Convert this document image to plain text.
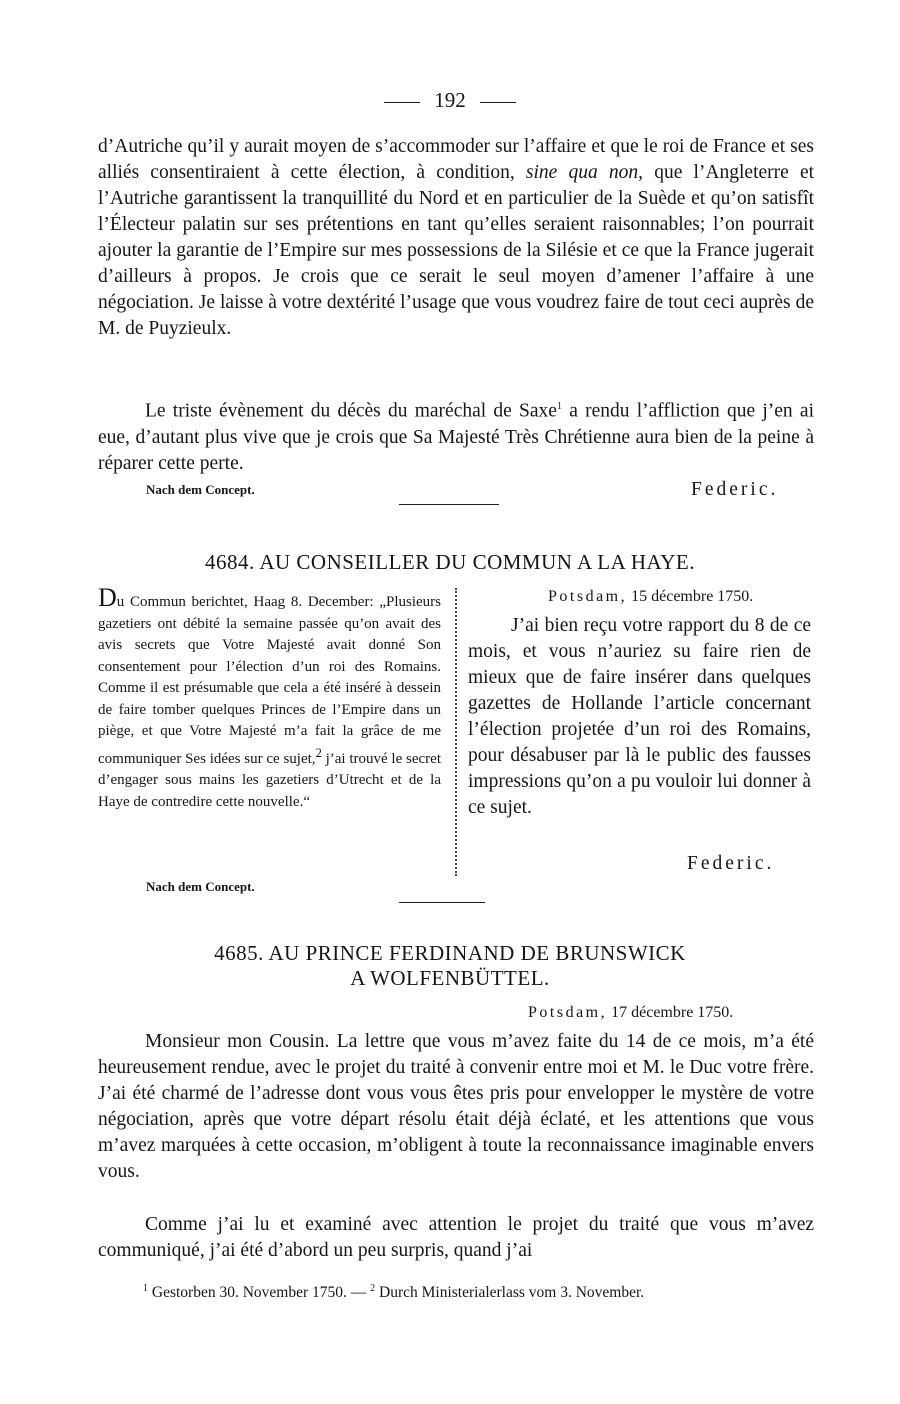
192
d’Autriche qu’il y aurait moyen de s’accommoder sur l’affaire et que le roi de France et ses alliés consentiraient à cette élection, à condition, sine qua non, que l’Angleterre et l’Autriche garantissent la tranquillité du Nord et en particulier de la Suède et qu’on satisfît l’Électeur palatin sur ses prétentions en tant qu’elles seraient raisonnables; l’on pourrait ajouter la garantie de l’Empire sur mes possessions de la Silésie et ce que la France jugerait d’ailleurs à propos. Je crois que ce serait le seul moyen d’amener l’affaire à une négociation. Je laisse à votre dextérité l’usage que vous voudrez faire de tout ceci auprès de M. de Puyzieulx.
Le triste évènement du décès du maréchal de Saxe$^1$ a rendu l’affliction que j’en ai eue, d’autant plus vive que je crois que Sa Majesté Très Chrétienne aura bien de la peine à réparer cette perte.
Nach dem Concept.	Federic.
4684. AU CONSEILLER DU COMMUN A LA HAYE.
Du Commun berichtet, Haag 8. December: „Plusieurs gazetiers ont débité la semaine passée qu’on avait des avis secrets que Votre Majesté avait donné Son consentement pour l’élection d’un roi des Romains. Comme il est présumable que cela a été inséré à dessein de faire tomber quelques Princes de l’Empire dans un piège, et que Votre Majesté m’a fait la grâce de me communiquer Ses idées sur ce sujet,$^2$ j’ai trouvé le secret d’engager sous mains les gazetiers d’Utrecht et de la Haye de contredire cette nouvelle.“
Potsdam, 15 décembre 1750.
J’ai bien reçu votre rapport du 8 de ce mois, et vous n’auriez su faire rien de mieux que de faire insérer dans quelques gazettes de Hollande l’article concernant l’élection projetée d’un roi des Romains, pour désabuser par là le public des fausses impressions qu’on a pu vouloir lui donner à ce sujet.
Federic.
Nach dem Concept.
4685. AU PRINCE FERDINAND DE BRUNSWICK
A WOLFENBÜTTEL.
Potsdam, 17 décembre 1750.
Monsieur mon Cousin. La lettre que vous m’avez faite du 14 de ce mois, m’a été heureusement rendue, avec le projet du traité à convenir entre moi et M. le Duc votre frère. J’ai été charmé de l’adresse dont vous vous êtes pris pour envelopper le mystère de votre négociation, après que votre départ résolu était déjà éclaté, et les attentions que vous m’avez marquées à cette occasion, m’obligent à toute la reconnaissance imaginable envers vous.
Comme j’ai lu et examiné avec attention le projet du traité que vous m’avez communiqué, j’ai été d’abord un peu surpris, quand j’ai
$^1$ Gestorben 30. November 1750. — $^2$ Durch Ministerialerlass vom 3. November.
